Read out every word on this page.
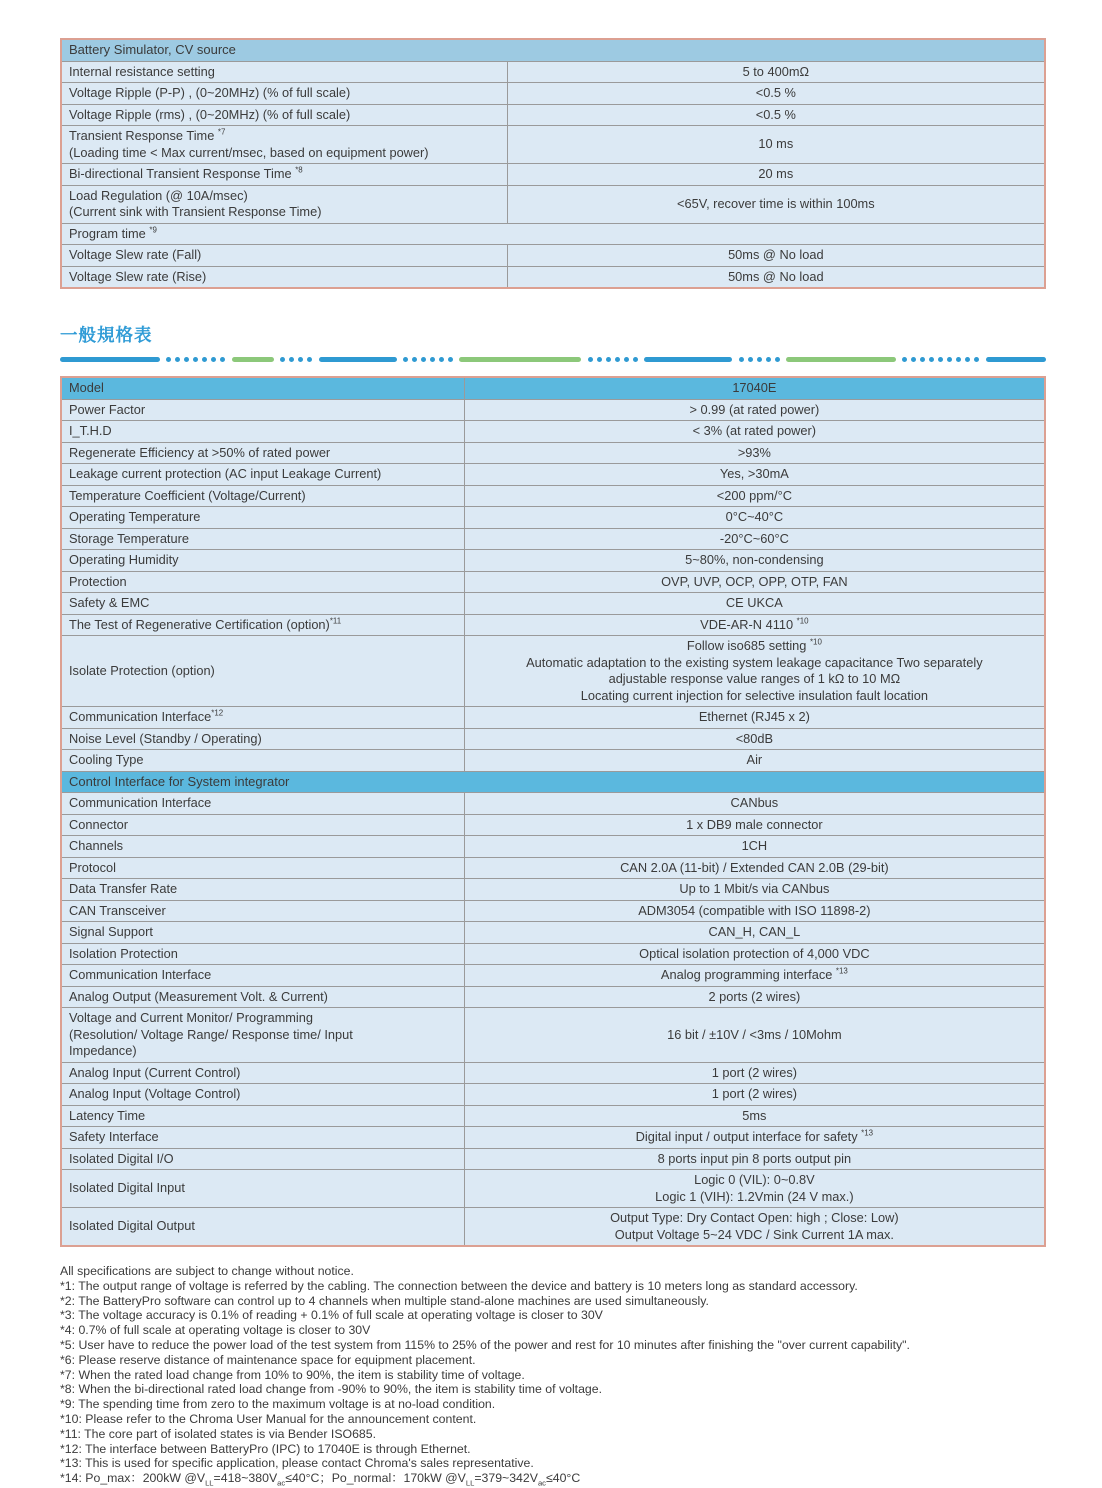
Battery Simulator, CV source	
Internal resistance setting	5 to 400mΩ
Voltage Ripple (P-P) , (0~20MHz) (% of full scale)	<0.5 %
Voltage Ripple (rms) , (0~20MHz) (% of full scale)	<0.5 %
Transient Response Time $^{*7}$
(Loading time < Max current/msec, based on equipment power)	10 ms
Bi-directional Transient Response Time $^{*8}$	20 ms
Load Regulation (@ 10A/msec)
(Current sink with Transient Response Time)	<65V, recover time is within 100ms
Program time $^{*9}$
Voltage Slew rate (Fall)	50ms @ No load
Voltage Slew rate (Rise)	50ms @ No load
一般規格表
Model	17040E
Power Factor	> 0.99 (at rated power)
I_T.H.D	< 3% (at rated power)
Regenerate Efficiency at >50% of rated power	>93%
Leakage current protection (AC input Leakage Current)	Yes, >30mA
Temperature Coefficient (Voltage/Current)	<200 ppm/°C
Operating Temperature	0°C~40°C
Storage Temperature	-20°C~60°C
Operating Humidity	5~80%, non-condensing
Protection	OVP, UVP, OCP, OPP, OTP, FAN
Safety & EMC	CE UKCA
The Test of Regenerative Certification (option)$^{*11}$	VDE-AR-N 4110 $^{*10}$
Isolate Protection (option)	Follow iso685 setting $^{*10}$
Automatic adaptation to the existing system leakage capacitance Two separately
adjustable response value ranges of 1 kΩ to 10 MΩ
Locating current injection for selective insulation fault location
Communication Interface$^{*12}$	Ethernet (RJ45 x 2)
Noise Level (Standby / Operating)	<80dB
Cooling Type	Air
Control Interface for System integrator	
Communication Interface	CANbus
Connector	1 x DB9 male connector
Channels	1CH
Protocol	CAN 2.0A (11-bit) / Extended CAN 2.0B (29-bit)
Data Transfer Rate	Up to 1 Mbit/s via CANbus
CAN Transceiver	ADM3054 (compatible with ISO 11898-2)
Signal Support	CAN_H, CAN_L
Isolation Protection	Optical isolation protection of 4,000 VDC
Communication Interface	Analog programming interface $^{*13}$
Analog Output (Measurement Volt. & Current)	2 ports (2 wires)
Voltage and Current Monitor/ Programming
(Resolution/ Voltage Range/ Response time/ Input
Impedance)	16 bit / ±10V / <3ms / 10Mohm
Analog Input (Current Control)	1 port (2 wires)
Analog Input (Voltage Control)	1 port (2 wires)
Latency Time	5ms
Safety Interface	Digital input / output interface for safety $^{*13}$
Isolated Digital I/O	8 ports input pin 8 ports output pin
Isolated Digital Input	Logic 0 (VIL): 0~0.8V
Logic 1 (VIH): 1.2Vmin (24 V max.)
Isolated Digital Output	Output Type: Dry Contact Open: high ; Close: Low)
Output Voltage 5~24 VDC / Sink Current 1A max.

All specifications are subject to change without notice.

*1: The output range of voltage is referred by the cabling. The connection between the device and battery is 10 meters long as standard accessory.

*2: The BatteryPro software can control up to 4 channels when multiple stand-alone machines are used simultaneously.

*3: The voltage accuracy is 0.1% of reading + 0.1% of full scale at operating voltage is closer to 30V

*4: 0.7% of full scale at operating voltage is closer to 30V

*5: User have to reduce the power load of the test system from 115% to 25% of the power and rest for 10 minutes after finishing the "over current capability".

*6: Please reserve distance of maintenance space for equipment placement.

*7: When the rated load change from 10% to 90%, the item is stability time of voltage.

*8: When the bi-directional rated load change from -90% to 90%, the item is stability time of voltage.

*9: The spending time from zero to the maximum voltage is at no-load condition.

*10: Please refer to the Chroma User Manual for the announcement content.

*11: The core part of isolated states is via Bender ISO685.

*12: The interface between BatteryPro (IPC) to 17040E is through Ethernet.

*13: This is used for specific application, please contact Chroma's sales representative.

*14: Po_max：200kW $@V_{LL}=418\sim 380V_{ac}\le 40^\circ C$；Po_normal：170kW $@V_{LL}=379\sim 342V_{ac}\le 40^\circ C$
